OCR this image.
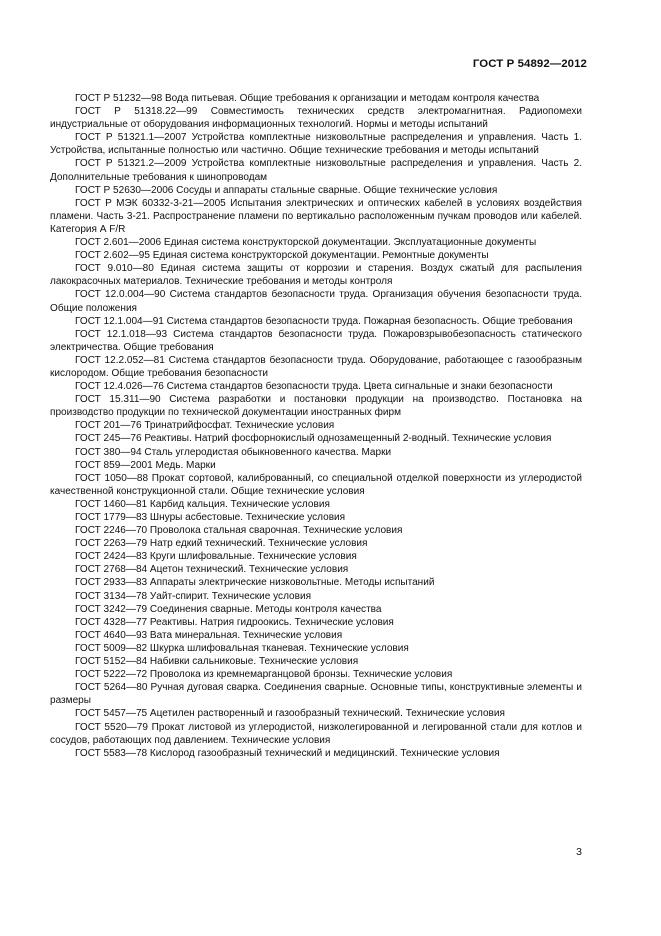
ГОСТ Р 54892—2012

ГОСТ Р 51232—98 Вода питьевая. Общие требования к организации и методам контроля качества

ГОСТ Р 51318.22—99 Совместимость технических средств электромагнитная. Радиопомехи индустриальные от оборудования информационных технологий. Нормы и методы испытаний

ГОСТ Р 51321.1—2007 Устройства комплектные низковольтные распределения и управления. Часть 1. Устройства, испытанные полностью или частично. Общие технические требования и методы испытаний

ГОСТ Р 51321.2—2009 Устройства комплектные низковольтные распределения и управления. Часть 2. Дополнительные требования к шинопроводам

ГОСТ Р 52630—2006 Сосуды и аппараты стальные сварные. Общие технические условия

ГОСТ Р МЭК 60332-3-21—2005 Испытания электрических и оптических кабелей в условиях воздействия пламени. Часть 3-21. Распространение пламени по вертикально расположенным пучкам проводов или кабелей. Категория А F/R

ГОСТ 2.601—2006 Единая система конструкторской документации. Эксплуатационные документы

ГОСТ 2.602—95 Единая система конструкторской документации. Ремонтные документы

ГОСТ 9.010—80 Единая система защиты от коррозии и старения. Воздух сжатый для распыления лакокрасочных материалов. Технические требования и методы контроля

ГОСТ 12.0.004—90 Система стандартов безопасности труда. Организация обучения безопасности труда. Общие положения

ГОСТ 12.1.004—91 Система стандартов безопасности труда. Пожарная безопасность. Общие требования

ГОСТ 12.1.018—93 Система стандартов безопасности труда. Пожаровзрывобезопасность статического электричества. Общие требования

ГОСТ 12.2.052—81 Система стандартов безопасности труда. Оборудование, работающее с газообразным кислородом. Общие требования безопасности

ГОСТ 12.4.026—76 Система стандартов безопасности труда. Цвета сигнальные и знаки безопасности

ГОСТ 15.311—90 Система разработки и постановки продукции на производство. Постановка на производство продукции по технической документации иностранных фирм

ГОСТ 201—76 Тринатрийфосфат. Технические условия

ГОСТ 245—76 Реактивы. Натрий фосфорнокислый однозамещенный 2-водный. Технические условия

ГОСТ 380—94 Сталь углеродистая обыкновенного качества. Марки

ГОСТ 859—2001 Медь. Марки

ГОСТ 1050—88 Прокат сортовой, калиброванный, со специальной отделкой поверхности из углеродистой качественной конструкционной стали. Общие технические условия

ГОСТ 1460—81 Карбид кальция. Технические условия

ГОСТ 1779—83 Шнуры асбестовые. Технические условия

ГОСТ 2246—70 Проволока стальная сварочная. Технические условия

ГОСТ 2263—79 Натр едкий технический. Технические условия

ГОСТ 2424—83 Круги шлифовальные. Технические условия

ГОСТ 2768—84 Ацетон технический. Технические условия

ГОСТ 2933—83 Аппараты электрические низковольтные. Методы испытаний

ГОСТ 3134—78 Уайт-спирит. Технические условия

ГОСТ 3242—79 Соединения сварные. Методы контроля качества

ГОСТ 4328—77 Реактивы. Натрия гидроокись. Технические условия

ГОСТ 4640—93 Вата минеральная. Технические условия

ГОСТ 5009—82 Шкурка шлифовальная тканевая. Технические условия

ГОСТ 5152—84 Набивки сальниковые. Технические условия

ГОСТ 5222—72 Проволока из кремнемарганцовой бронзы. Технические условия

ГОСТ 5264—80 Ручная дуговая сварка. Соединения сварные. Основные типы, конструктивные элементы и размеры

ГОСТ 5457—75 Ацетилен растворенный и газообразный технический. Технические условия

ГОСТ 5520—79 Прокат листовой из углеродистой, низколегированной и легированной стали для котлов и сосудов, работающих под давлением. Технические условия

ГОСТ 5583—78 Кислород газообразный технический и медицинский. Технические условия

3
